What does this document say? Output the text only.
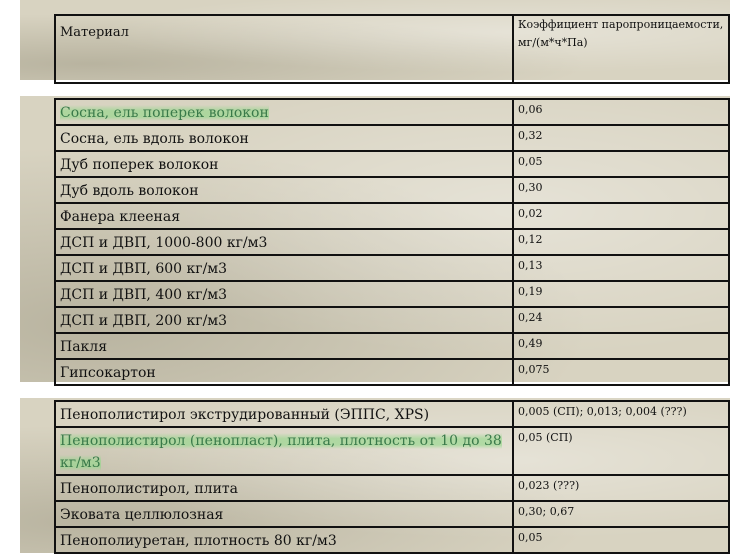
Материал	Коэффициент паропроницаемости, мг/(м*ч*Па)
Сосна, ель поперек волокон	0,06
Сосна, ель вдоль волокон	0,32
Дуб поперек волокон	0,05
Дуб вдоль волокон	0,30
Фанера клееная	0,02
ДСП и ДВП, 1000-800 кг/м3	0,12
ДСП и ДВП, 600 кг/м3	0,13
ДСП и ДВП, 400 кг/м3	0,19
ДСП и ДВП, 200 кг/м3	0,24
Пакля	0,49
Гипсокартон	0,075
Пенополистирол экструдированный (ЭППС, XPS)	0,005 (СП); 0,013; 0,004 (???)
Пенополистирол (пенопласт), плита, плотность от 10 до 38 кг/м3	0,05 (СП)
Пенополистирол, плита	0,023 (???)
Эковата целлюлозная	0,30; 0,67
Пенополиуретан, плотность 80 кг/м3	0,05
